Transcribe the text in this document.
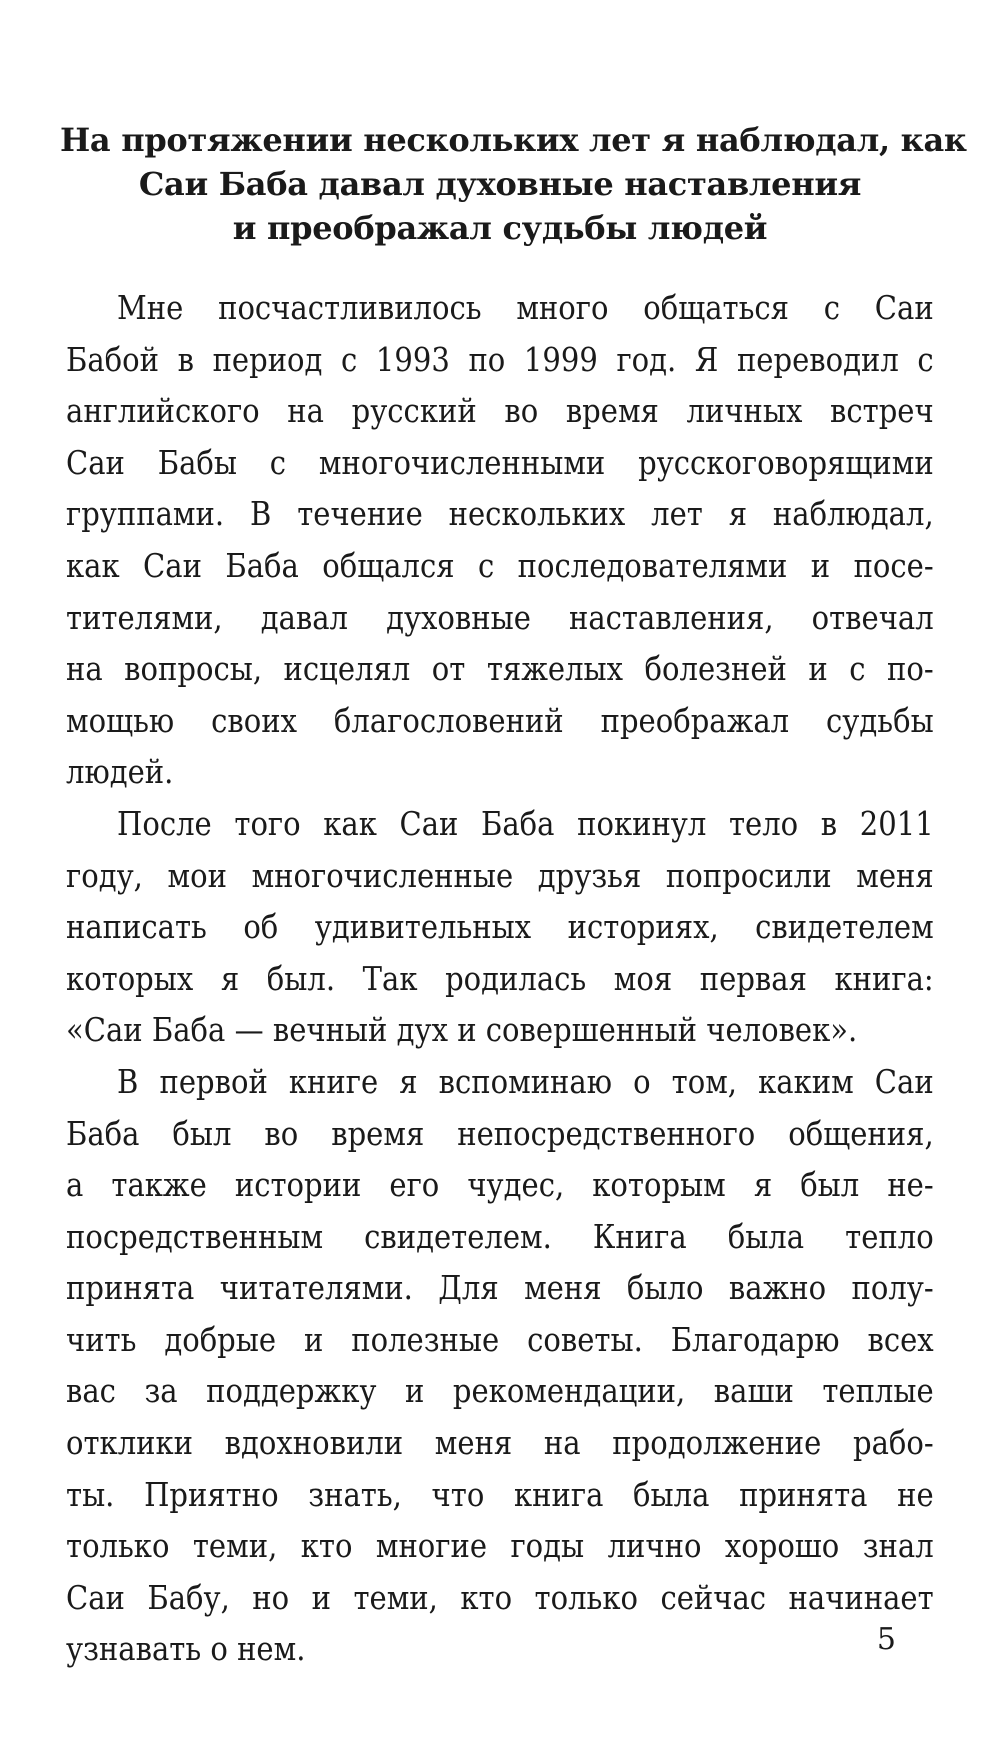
На протяжении нескольких лет я наблюдал, как
Саи Баба давал духовные наставления
и преображал судьбы людей

Мне посчастливилось много общаться с Саи
Бабой в период с 1993 по 1999 год. Я переводил с
английского на русский во время личных встреч
Саи Бабы с многочисленными русскоговорящими
группами. В течение нескольких лет я наблюдал,
как Саи Баба общался с последователями и посе-
тителями, давал духовные наставления, отвечал
на вопросы, исцелял от тяжелых болезней и с по-
мощью своих благословений преображал судьбы
людей.

После того как Саи Баба покинул тело в 2011
году, мои многочисленные друзья попросили меня
написать об удивительных историях, свидетелем
которых я был. Так родилась моя первая книга:
«Саи Баба — вечный дух и совершенный человек».

В первой книге я вспоминаю о том, каким Саи
Баба был во время непосредственного общения,
а также истории его чудес, которым я был не-
посредственным свидетелем. Книга была тепло
принята читателями. Для меня было важно полу-
чить добрые и полезные советы. Благодарю всех
вас за поддержку и рекомендации, ваши теплые
отклики вдохновили меня на продолжение рабо-
ты. Приятно знать, что книга была принята не
только теми, кто многие годы лично хорошо знал
Саи Бабу, но и теми, кто только сейчас начинает
узнавать о нем.	5
